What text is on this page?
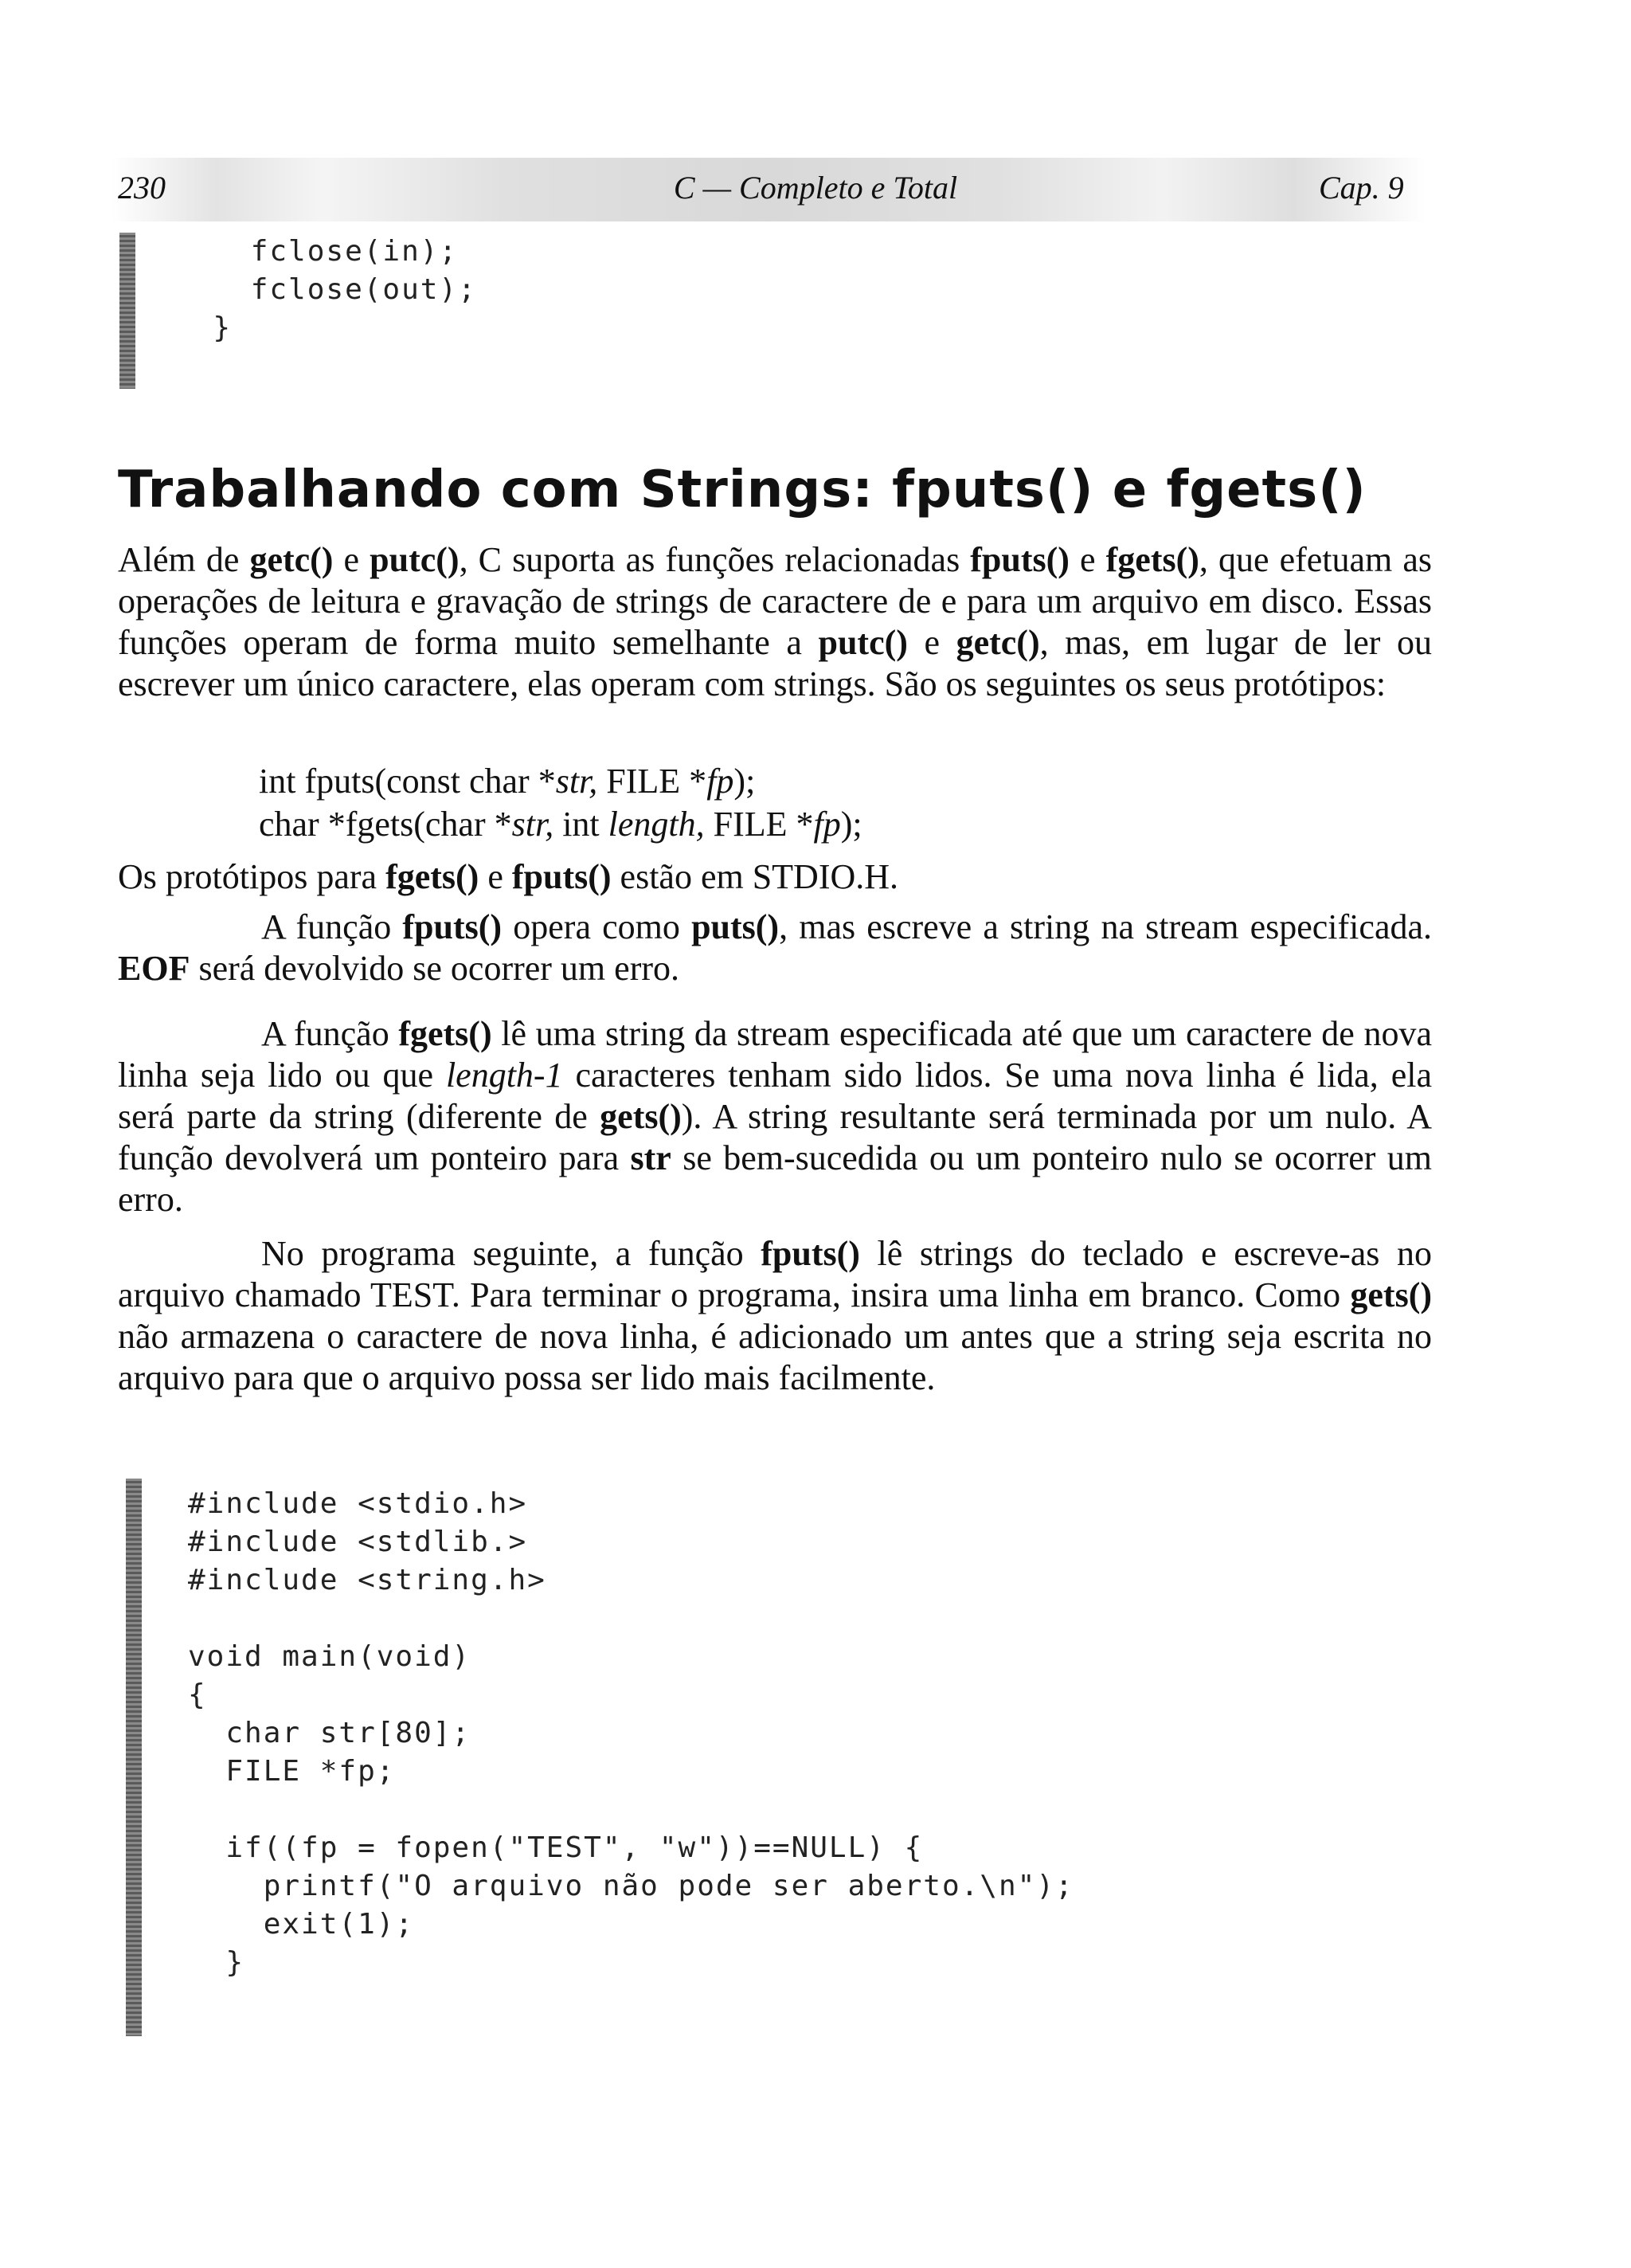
230	C — Completo e Total	Cap. 9
fclose(in);
fclose(out);
}
Trabalhando com Strings: fputs() e fgets()

Além de getc() e putc(), C suporta as funções relacionadas fputs() e fgets(), que efetuam as operações de leitura e gravação de strings de caractere de e para um arquivo em disco. Essas funções operam de forma muito semelhante a putc() e getc(), mas, em lugar de ler ou escrever um único caractere, elas operam com strings. São os seguintes os seus protótipos:

int fputs(const char *str, FILE *fp);

char *fgets(char *str, int length, FILE *fp);

Os protótipos para fgets() e fputs() estão em STDIO.H.

A função fputs() opera como puts(), mas escreve a string na stream especificada. EOF será devolvido se ocorrer um erro.

A função fgets() lê uma string da stream especificada até que um caractere de nova linha seja lido ou que length-1 caracteres tenham sido lidos. Se uma nova linha é lida, ela será parte da string (diferente de gets()). A string resultante será terminada por um nulo. A função devolverá um ponteiro para str se bem-sucedida ou um ponteiro nulo se ocorrer um erro.

No programa seguinte, a função fputs() lê strings do teclado e escreve-as no arquivo chamado TEST. Para terminar o programa, insira uma linha em branco. Como gets() não armazena o caractere de nova linha, é adicionado um antes que a string seja escrita no arquivo para que o arquivo possa ser lido mais facilmente.

#include <stdio.h>
#include <stdlib.>
#include <string.h>

void main(void)
{
char str[80];
FILE *fp;

if((fp = fopen("TEST", "w"))==NULL) {
printf("O arquivo não pode ser aberto.\n");
exit(1);
}
